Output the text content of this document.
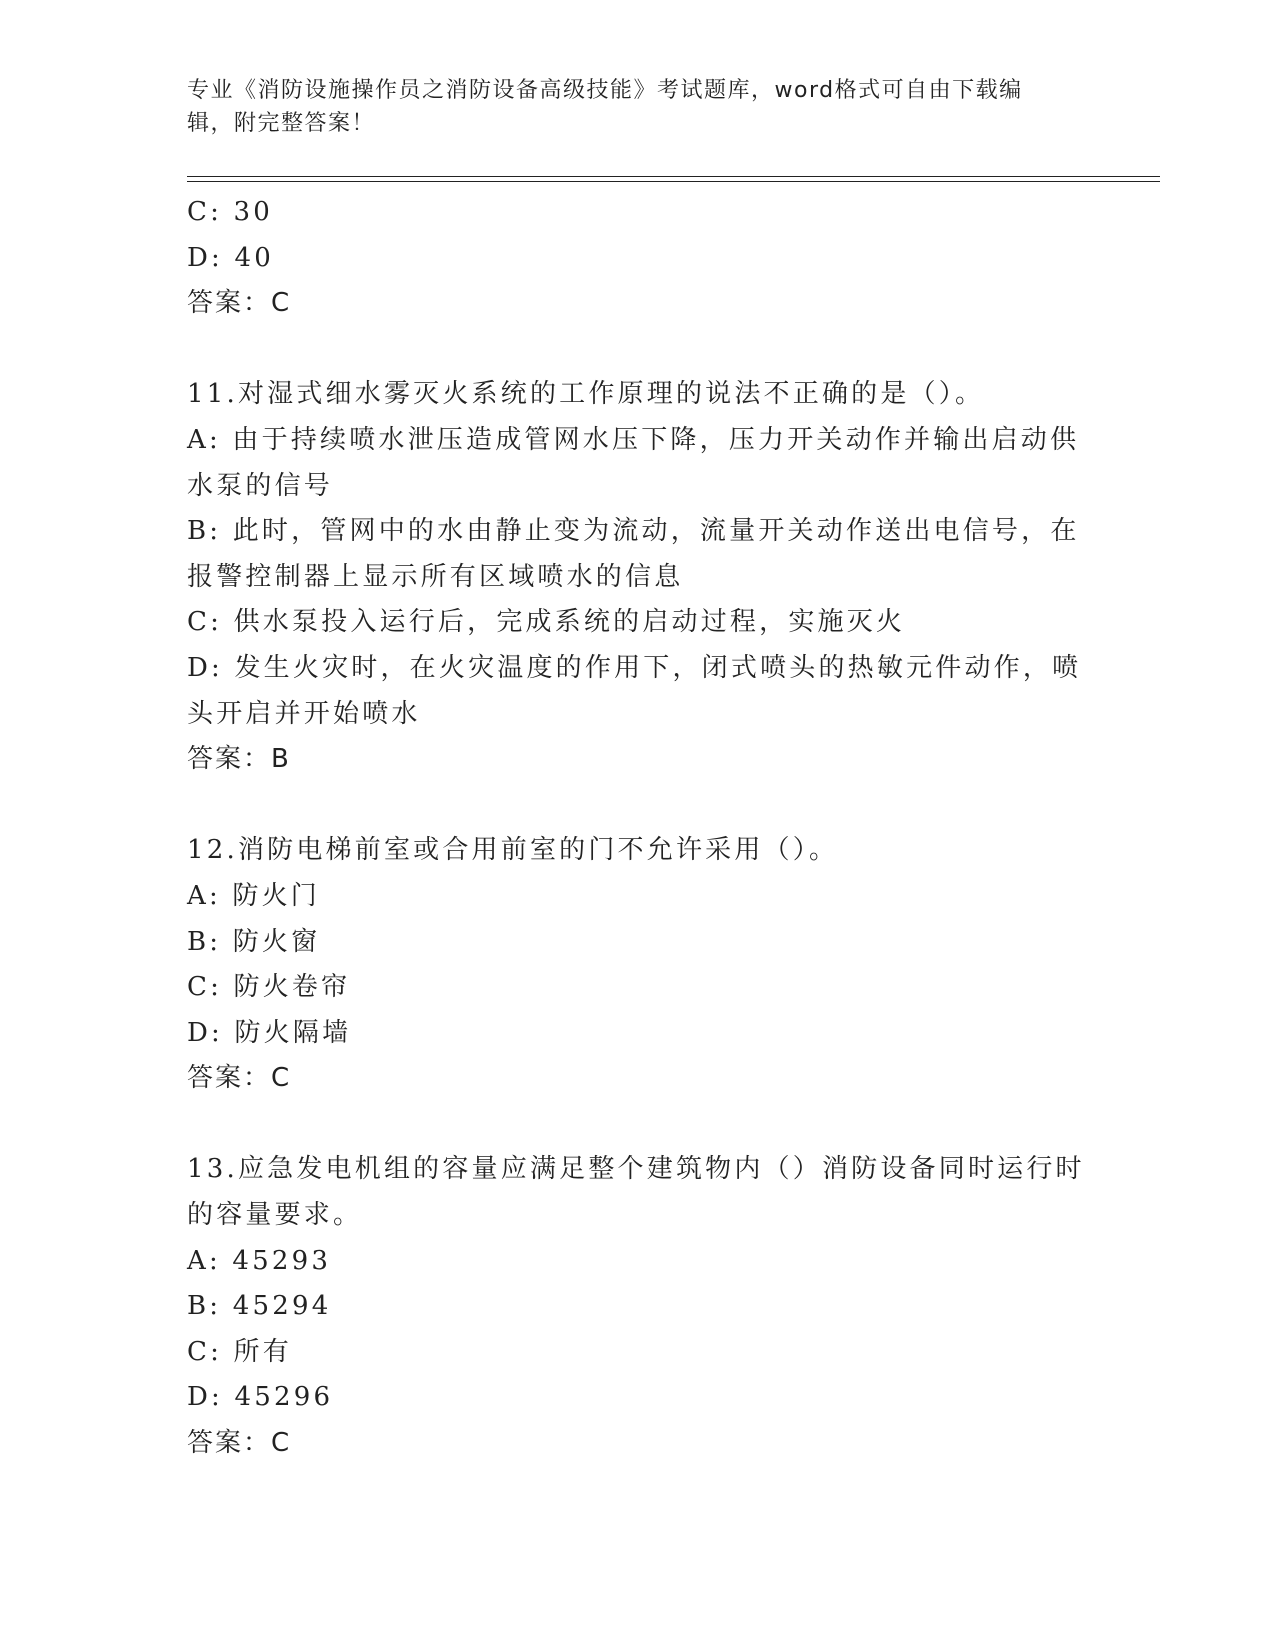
专业《消防设施操作员之消防设备高级技能》考试题库，word格式可自由下载编
辑，附完整答案！
C: 30
D: 40
答案：C
11.对湿式细水雾灭火系统的工作原理的说法不正确的是（）。
A: 由于持续喷水泄压造成管网水压下降，压力开关动作并输出启动供
水泵的信号
B: 此时，管网中的水由静止变为流动，流量开关动作送出电信号，在
报警控制器上显示所有区域喷水的信息
C: 供水泵投入运行后，完成系统的启动过程，实施灭火
D: 发生火灾时，在火灾温度的作用下，闭式喷头的热敏元件动作，喷
头开启并开始喷水
答案：B
12.消防电梯前室或合用前室的门不允许采用（）。
A: 防火门
B: 防火窗
C: 防火卷帘
D: 防火隔墙
答案：C
13.应急发电机组的容量应满足整个建筑物内（）消防设备同时运行时
的容量要求。
A: 45293
B: 45294
C: 所有
D: 45296
答案：C
